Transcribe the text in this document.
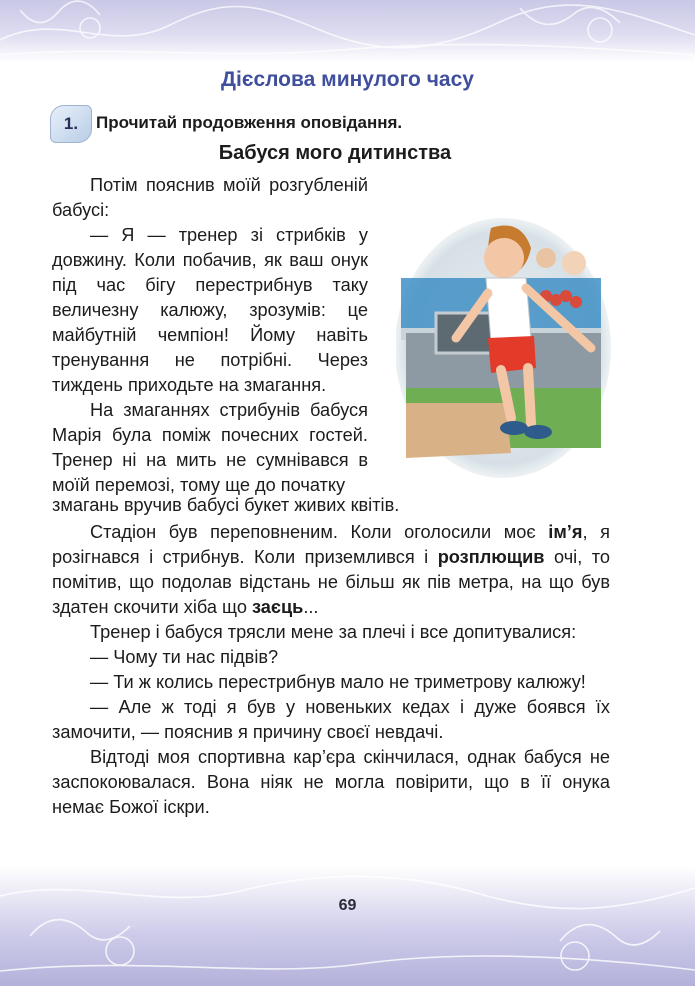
Дієслова минулого часу
1.	Прочитай продовження оповідання.
Бабуся мого дитинства

Потім пояснив моїй розгубленій бабусі:

— Я — тренер зі стрибків у довжину. Коли побачив, як ваш онук під час бігу перестрибнув таку величезну калюжу, зрозумів: це майбутній чемпіон! Йому навіть тренування не потрібні. Через тиждень приходьте на змагання.

На змаганнях стрибунів бабуся Марія була поміж почесних гостей. Тренер ні на мить не сумнівався в моїй перемозі, тому ще до початку

змагань вручив бабусі букет живих квітів.

Стадіон був переповненим. Коли оголосили моє ім’я, я розігнався і стрибнув. Коли приземлився і розплющив очі, то помітив, що подолав відстань не більш як пів метра, на що був здатен скочити хіба що заєць...

Тренер і бабуся трясли мене за плечі і все допитувалися:

— Чому ти нас підвів?

— Ти ж колись перестрибнув мало не триметрову калюжу!

— Але ж тоді я був у новеньких кедах і дуже боявся їх замочити, — пояснив я причину своєї невдачі.

Відтоді моя спортивна кар’єра скінчилася, однак бабуся не заспокоювалася. Вона ніяк не могла повірити, що в її онука немає Божої іскри.

69
